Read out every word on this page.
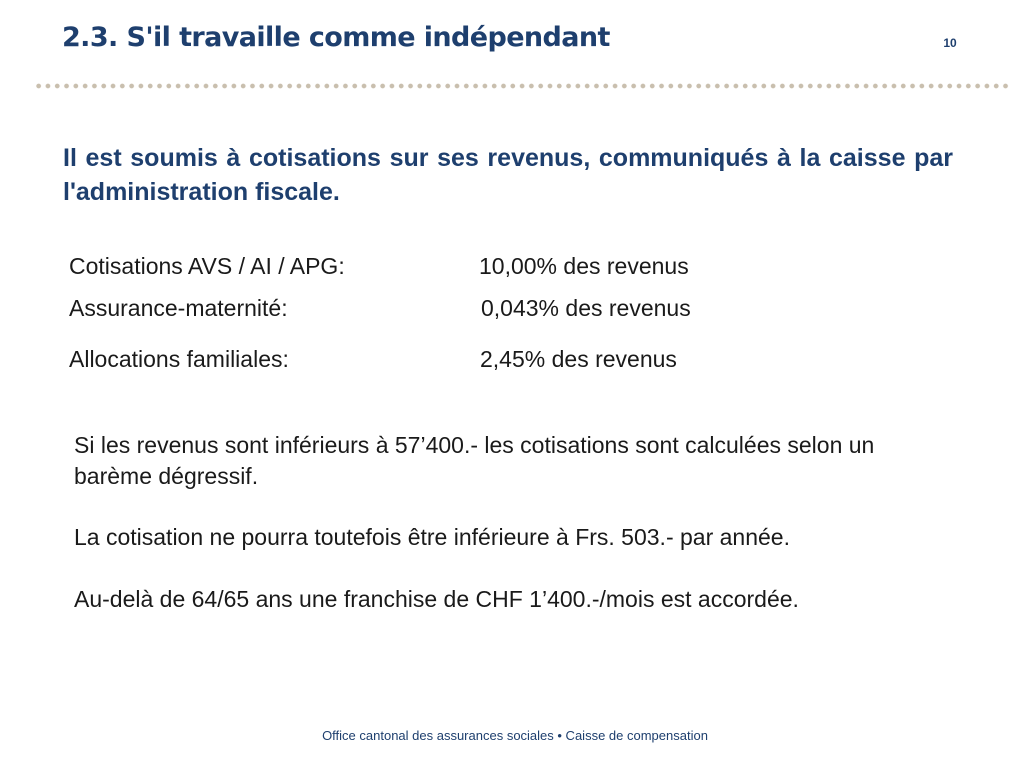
2.3. S'il travaille comme indépendant	10
Il est soumis à cotisations sur ses revenus, communiqués à la caisse par l'administration fiscale.
Cotisations AVS / AI / APG:	10,00% des revenus
Assurance-maternité:	0,043% des revenus
Allocations familiales:	2,45% des revenus
Si les revenus sont inférieurs à 57’400.- les cotisations sont calculées selon un barème dégressif.
La cotisation ne pourra toutefois être inférieure à Frs. 503.- par année.
Au-delà de 64/65 ans une franchise de CHF 1’400.-/mois est accordée.
Office cantonal des assurances sociales • Caisse de compensation
